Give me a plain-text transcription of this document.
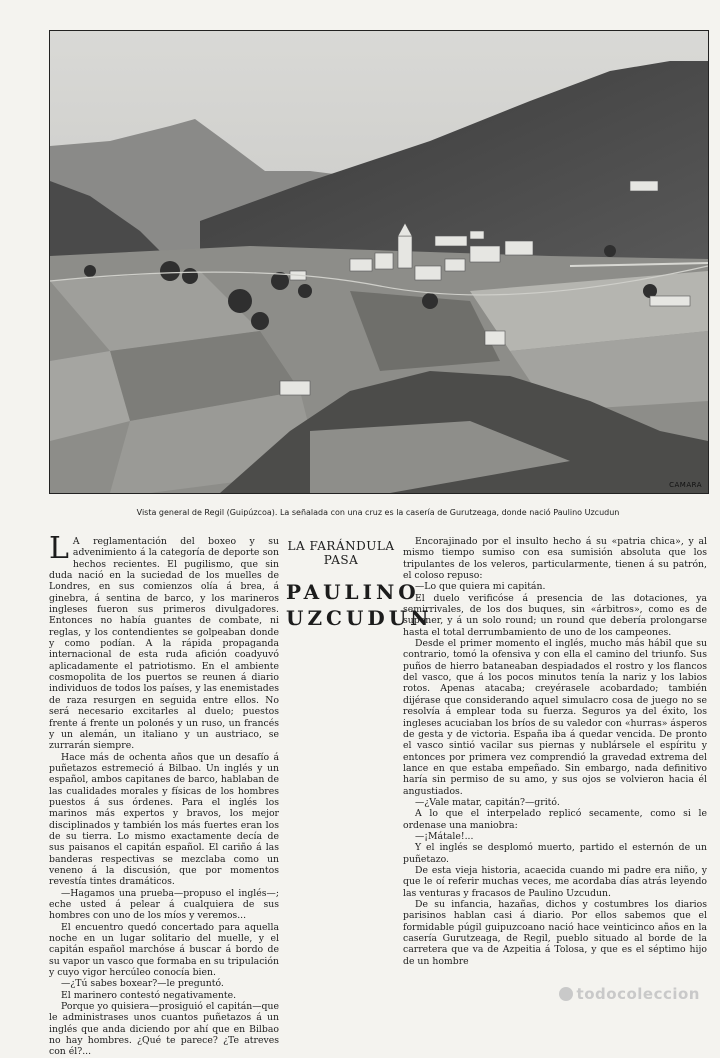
CAMARA
Vista general de Regil (Guipúzcoa). La señalada con una cruz es la casería de Gurutzeaga, donde nació Paulino Uzcudun

L A reglamentación del boxeo y su advenimiento á la categoría de deporte son hechos recientes. El pugilismo, que sin duda nació en la suciedad de los muelles de Londres, en sus comienzos olía á brea, á ginebra, á sentina de barco, y los marineros ingleses fueron sus primeros divulgadores. Entonces no había guantes de combate, ni reglas, y los contendientes se golpeaban donde y como podían. A la rápida propaganda internacional de esta ruda afición coadyuvó aplicadamente el patriotismo. En el ambiente cosmopolita de los puertos se reunen á diario individuos de todos los países, y las enemistades de raza resurgen en seguida entre ellos. No será necesario excitarles al duelo; puestos frente á frente un polonés y un ruso, un francés y un alemán, un italiano y un austriaco, se zurrarán siempre.

Hace más de ochenta años que un desafío á puñetazos estremeció á Bilbao. Un inglés y un español, ambos capitanes de barco, hablaban de las cualidades morales y físicas de los hombres puestos á sus órdenes. Para el inglés los marinos más expertos y bravos, los mejor disciplinados y también los más fuertes eran los de su tierra. Lo mismo exactamente decía de sus paisanos el capitán español. El cariño á las banderas respectivas se mezclaba como un veneno á la discusión, que por momentos revestía tintes dramáticos.

—Hagamos una prueba—propuso el inglés—; eche usted á pelear á cualquiera de sus hombres con uno de los míos y veremos...

El encuentro quedó concertado para aquella noche en un lugar solitario del muelle, y el capitán español marchóse á buscar á bordo de su vapor un vasco que formaba en su tripulación y cuyo vigor hercúleo conocía bien.

—¿Tú sabes boxear?—le preguntó.

El marinero contestó negativamente.

Porque yo quisiera—prosiguió el capitán—que le administrases unos cuantos puñetazos á un inglés que anda diciendo por ahí que en Bilbao no hay hombres. ¿Qué te parece? ¿Te atreves con él?...

LA FARÁNDULA PASA
PAULINO
UZCUDUN

Encorajinado por el insulto hecho á su «patria chica», y al mismo tiempo sumiso con esa sumisión absoluta que los tripulantes de los veleros, particularmente, tienen á su patrón, el coloso repuso:

—Lo que quiera mi capitán.

El duelo verificóse á presencia de las dotaciones, ya semirrivales, de los dos buques, sin «árbitros», como es de suponer, y á un solo round; un round que debería prolongarse hasta el total derrumbamiento de uno de los campeones.

Desde el primer momento el inglés, mucho más hábil que su contrario, tomó la ofensiva y con ella el camino del triunfo. Sus puños de hierro bataneaban despiadados el rostro y los flancos del vasco, que á los pocos minutos tenía la nariz y los labios rotos. Apenas atacaba; creyérasele acobardado; también dijérase que considerando aquel simulacro cosa de juego no se resolvía á emplear toda su fuerza. Seguros ya del éxito, los ingleses acuciaban los bríos de su valedor con «hurras» ásperos de gesta y de victoria. España iba á quedar vencida. De pronto el vasco sintió vacilar sus piernas y nublársele el espíritu y entonces por primera vez comprendió la gravedad extrema del lance en que estaba empeñado. Sin embargo, nada definitivo haría sin permiso de su amo, y sus ojos se volvieron hacia él angustiados.

—¿Vale matar, capitán?—gritó.

A lo que el interpelado replicó secamente, como si le ordenase una maniobra:

—¡Mátale!...

Y el inglés se desplomó muerto, partido el esternón de un puñetazo.

De esta vieja historia, acaecida cuando mi padre era niño, y que le oí referir muchas veces, me acordaba días atrás leyendo las venturas y fracasos de Paulino Uzcudun.

De su infancia, hazañas, dichos y costumbres los diarios parisinos hablan casi á diario. Por ellos sabemos que el formidable púgil guipuzcoano nació hace veinticinco años en la casería Gurutzeaga, de Regil, pueblo situado al borde de la carretera que va de Azpeitia á Tolosa, y que es el séptimo hijo de un hombre

todocoleccion
